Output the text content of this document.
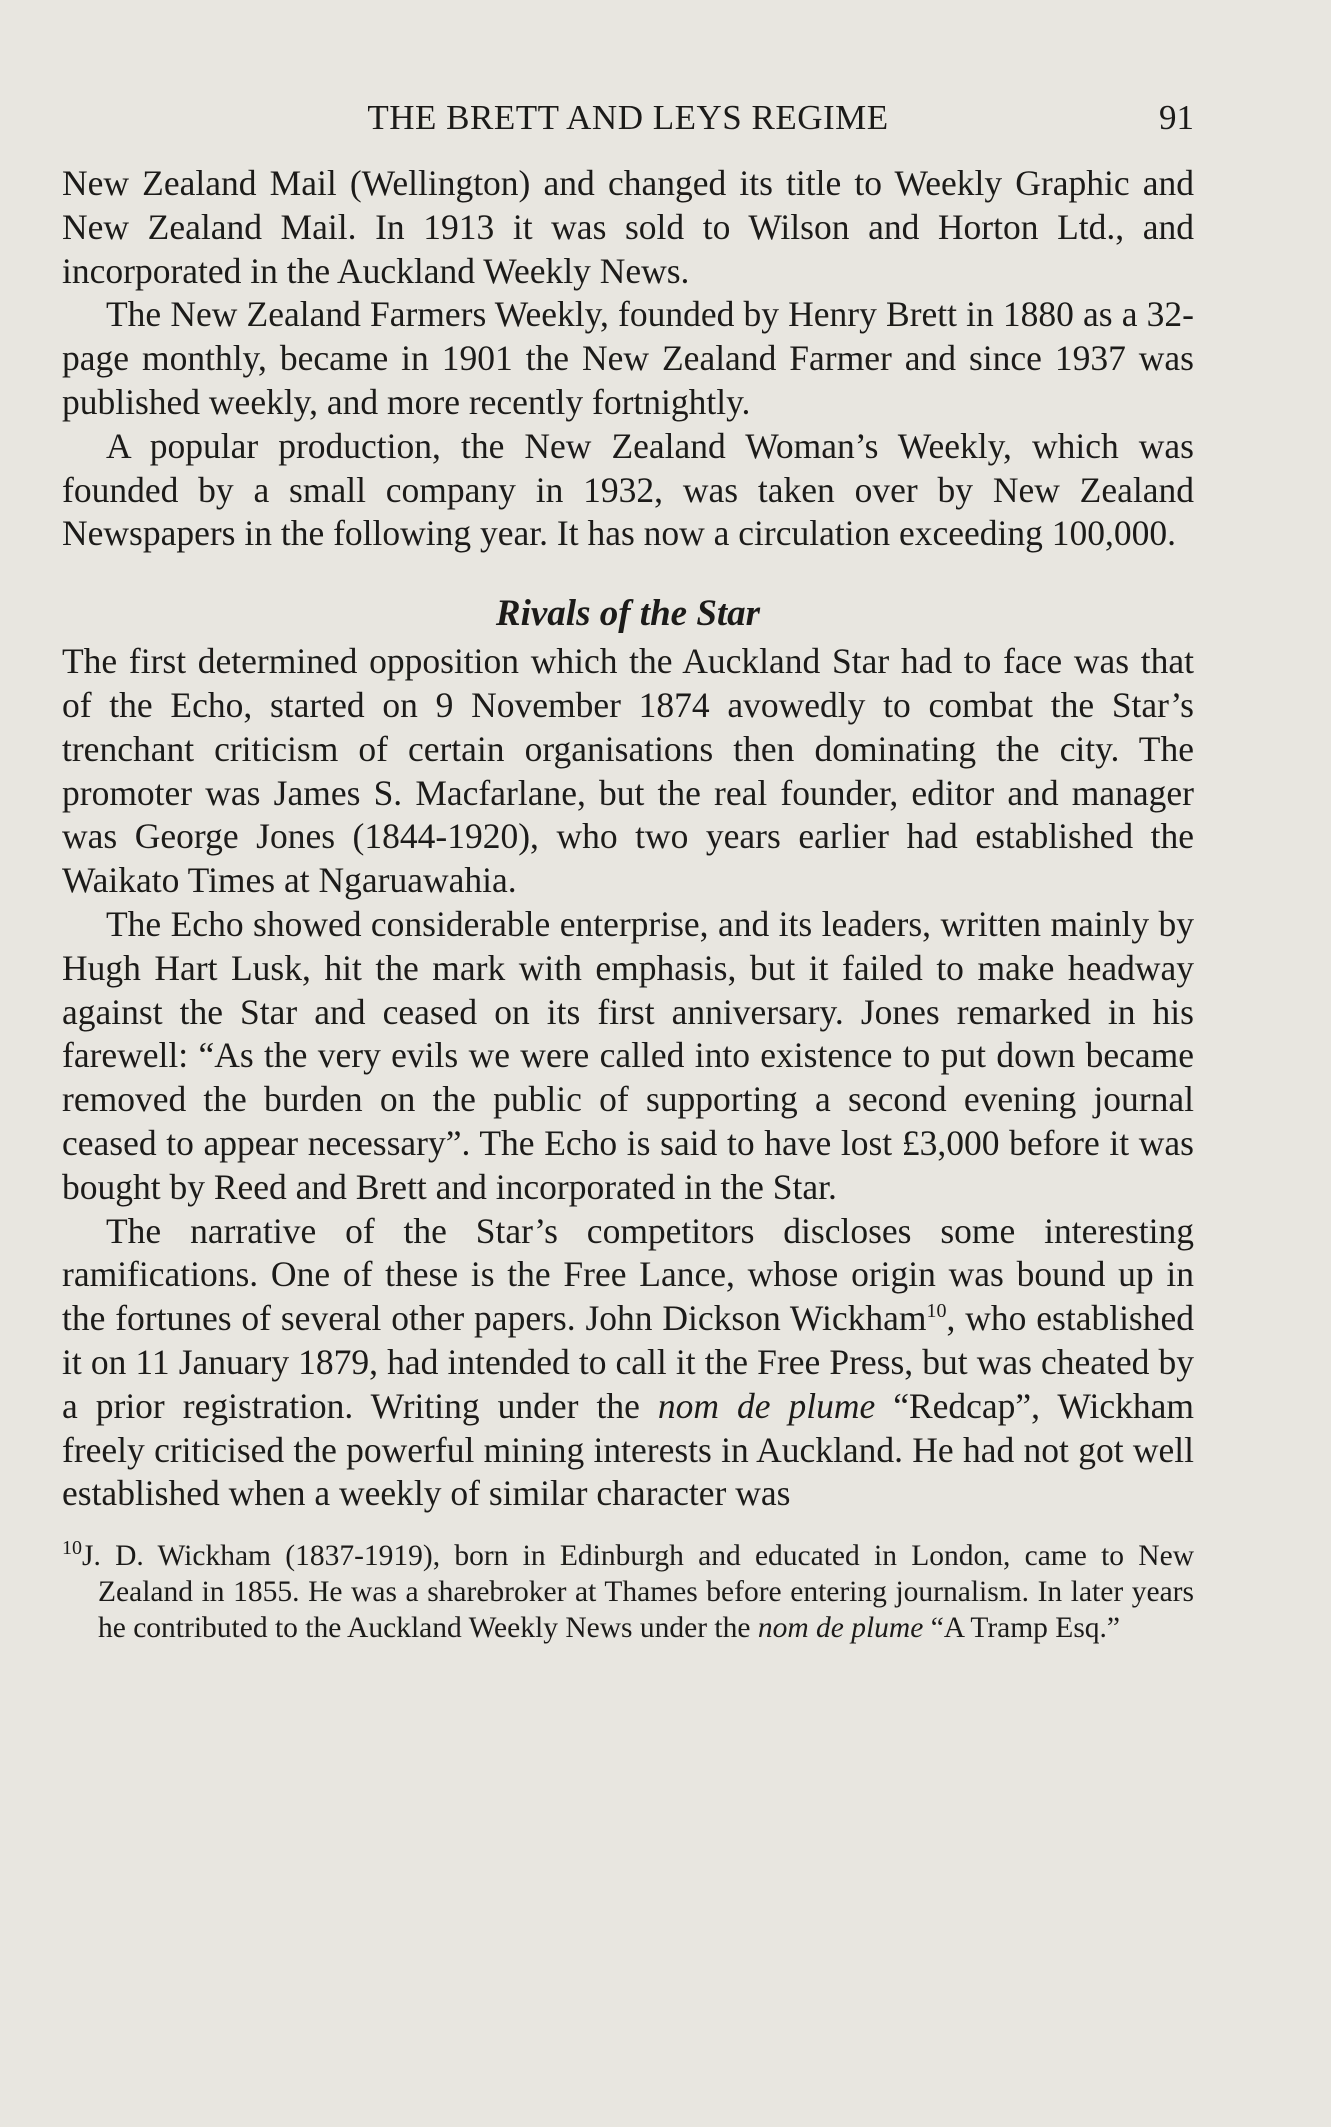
THE BRETT AND LEYS REGIME	91

New Zealand Mail (Wellington) and changed its title to Weekly Graphic and New Zealand Mail. In 1913 it was sold to Wilson and Horton Ltd., and incorporated in the Auckland Weekly News.

The New Zealand Farmers Weekly, founded by Henry Brett in 1880 as a 32-page monthly, became in 1901 the New Zealand Farmer and since 1937 was published weekly, and more recently fortnightly.

A popular production, the New Zealand Woman’s Weekly, which was founded by a small company in 1932, was taken over by New Zealand Newspapers in the following year. It has now a circulation exceeding 100,000.

Rivals of the Star

The first determined opposition which the Auckland Star had to face was that of the Echo, started on 9 November 1874 avowedly to combat the Star’s trenchant criticism of certain organisations then dominating the city. The promoter was James S. Macfarlane, but the real founder, editor and manager was George Jones (1844-1920), who two years earlier had established the Waikato Times at Ngaruawahia.

The Echo showed considerable enterprise, and its leaders, written mainly by Hugh Hart Lusk, hit the mark with emphasis, but it failed to make headway against the Star and ceased on its first anniversary. Jones remarked in his farewell: “As the very evils we were called into existence to put down became removed the burden on the public of supporting a second evening journal ceased to appear necessary”. The Echo is said to have lost £3,000 before it was bought by Reed and Brett and incorporated in the Star.

The narrative of the Star’s competitors discloses some interesting ramifications. One of these is the Free Lance, whose origin was bound up in the fortunes of several other papers. John Dickson Wickham$^{10}$, who established it on 11 January 1879, had intended to call it the Free Press, but was cheated by a prior registration. Writing under the nom de plume “Redcap”, Wickham freely criticised the powerful mining interests in Auckland. He had not got well established when a weekly of similar character was

$^{10}$J. D. Wickham (1837-1919), born in Edinburgh and educated in London, came to New Zealand in 1855. He was a sharebroker at Thames before entering journalism. In later years he contributed to the Auckland Weekly News under the nom de plume “A Tramp Esq.”
